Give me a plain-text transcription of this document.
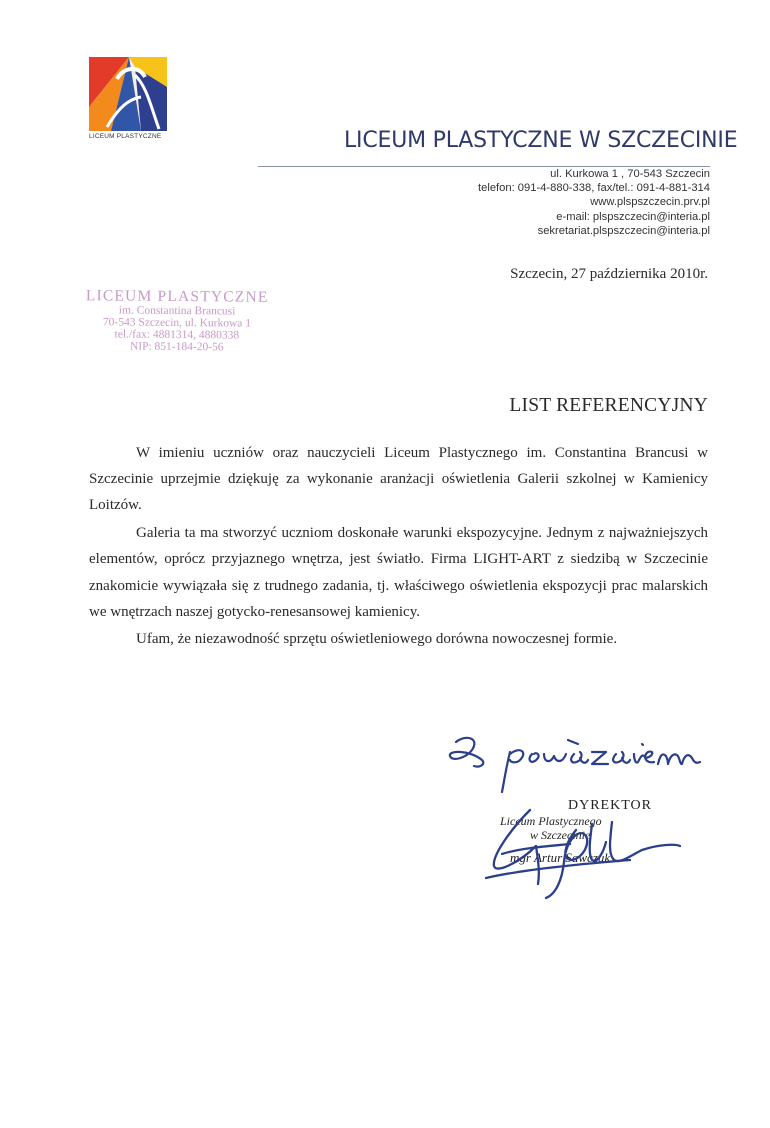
LICEUM PLASTYCZNE	LICEUM PLASTYCZNE W SZCZECINIE
ul. Kurkowa 1 , 70-543 Szczecin
telefon: 091-4-880-338, fax/tel.: 091-4-881-314
www.plspszczecin.prv.pl
e-mail: plspszczecin@interia.pl
sekretariat.plspszczecin@interia.pl
Szczecin, 27 października 2010r.
LICEUM PLASTYCZNE
im. Constantina Brancusi
70-543 Szczecin, ul. Kurkowa 1
tel./fax: 4881314, 4880338
NIP: 851-184-20-56
LIST REFERENCYJNY

W imieniu uczniów oraz nauczycieli Liceum Plastycznego im. Constantina Brancusi w Szczecinie uprzejmie dziękuję za wykonanie aranżacji oświetlenia Galerii szkolnej w Kamienicy Loitzów.

Galeria ta ma stworzyć uczniom doskonałe warunki ekspozycyjne. Jednym z najważniejszych elementów, oprócz przyjaznego wnętrza, jest światło. Firma LIGHT-ART z siedzibą w Szczecinie znakomicie wywiązała się z trudnego zadania, tj. właściwego oświetlenia ekspozycji prac malarskich we wnętrzach naszej gotycko-renesansowej kamienicy.

Ufam, że niezawodność sprzętu oświetleniowego dorówna nowoczesnej formie.

DYREKTOR
Liceum Plastycznego
w Szczecinie
mgr Artur Sawczuk
